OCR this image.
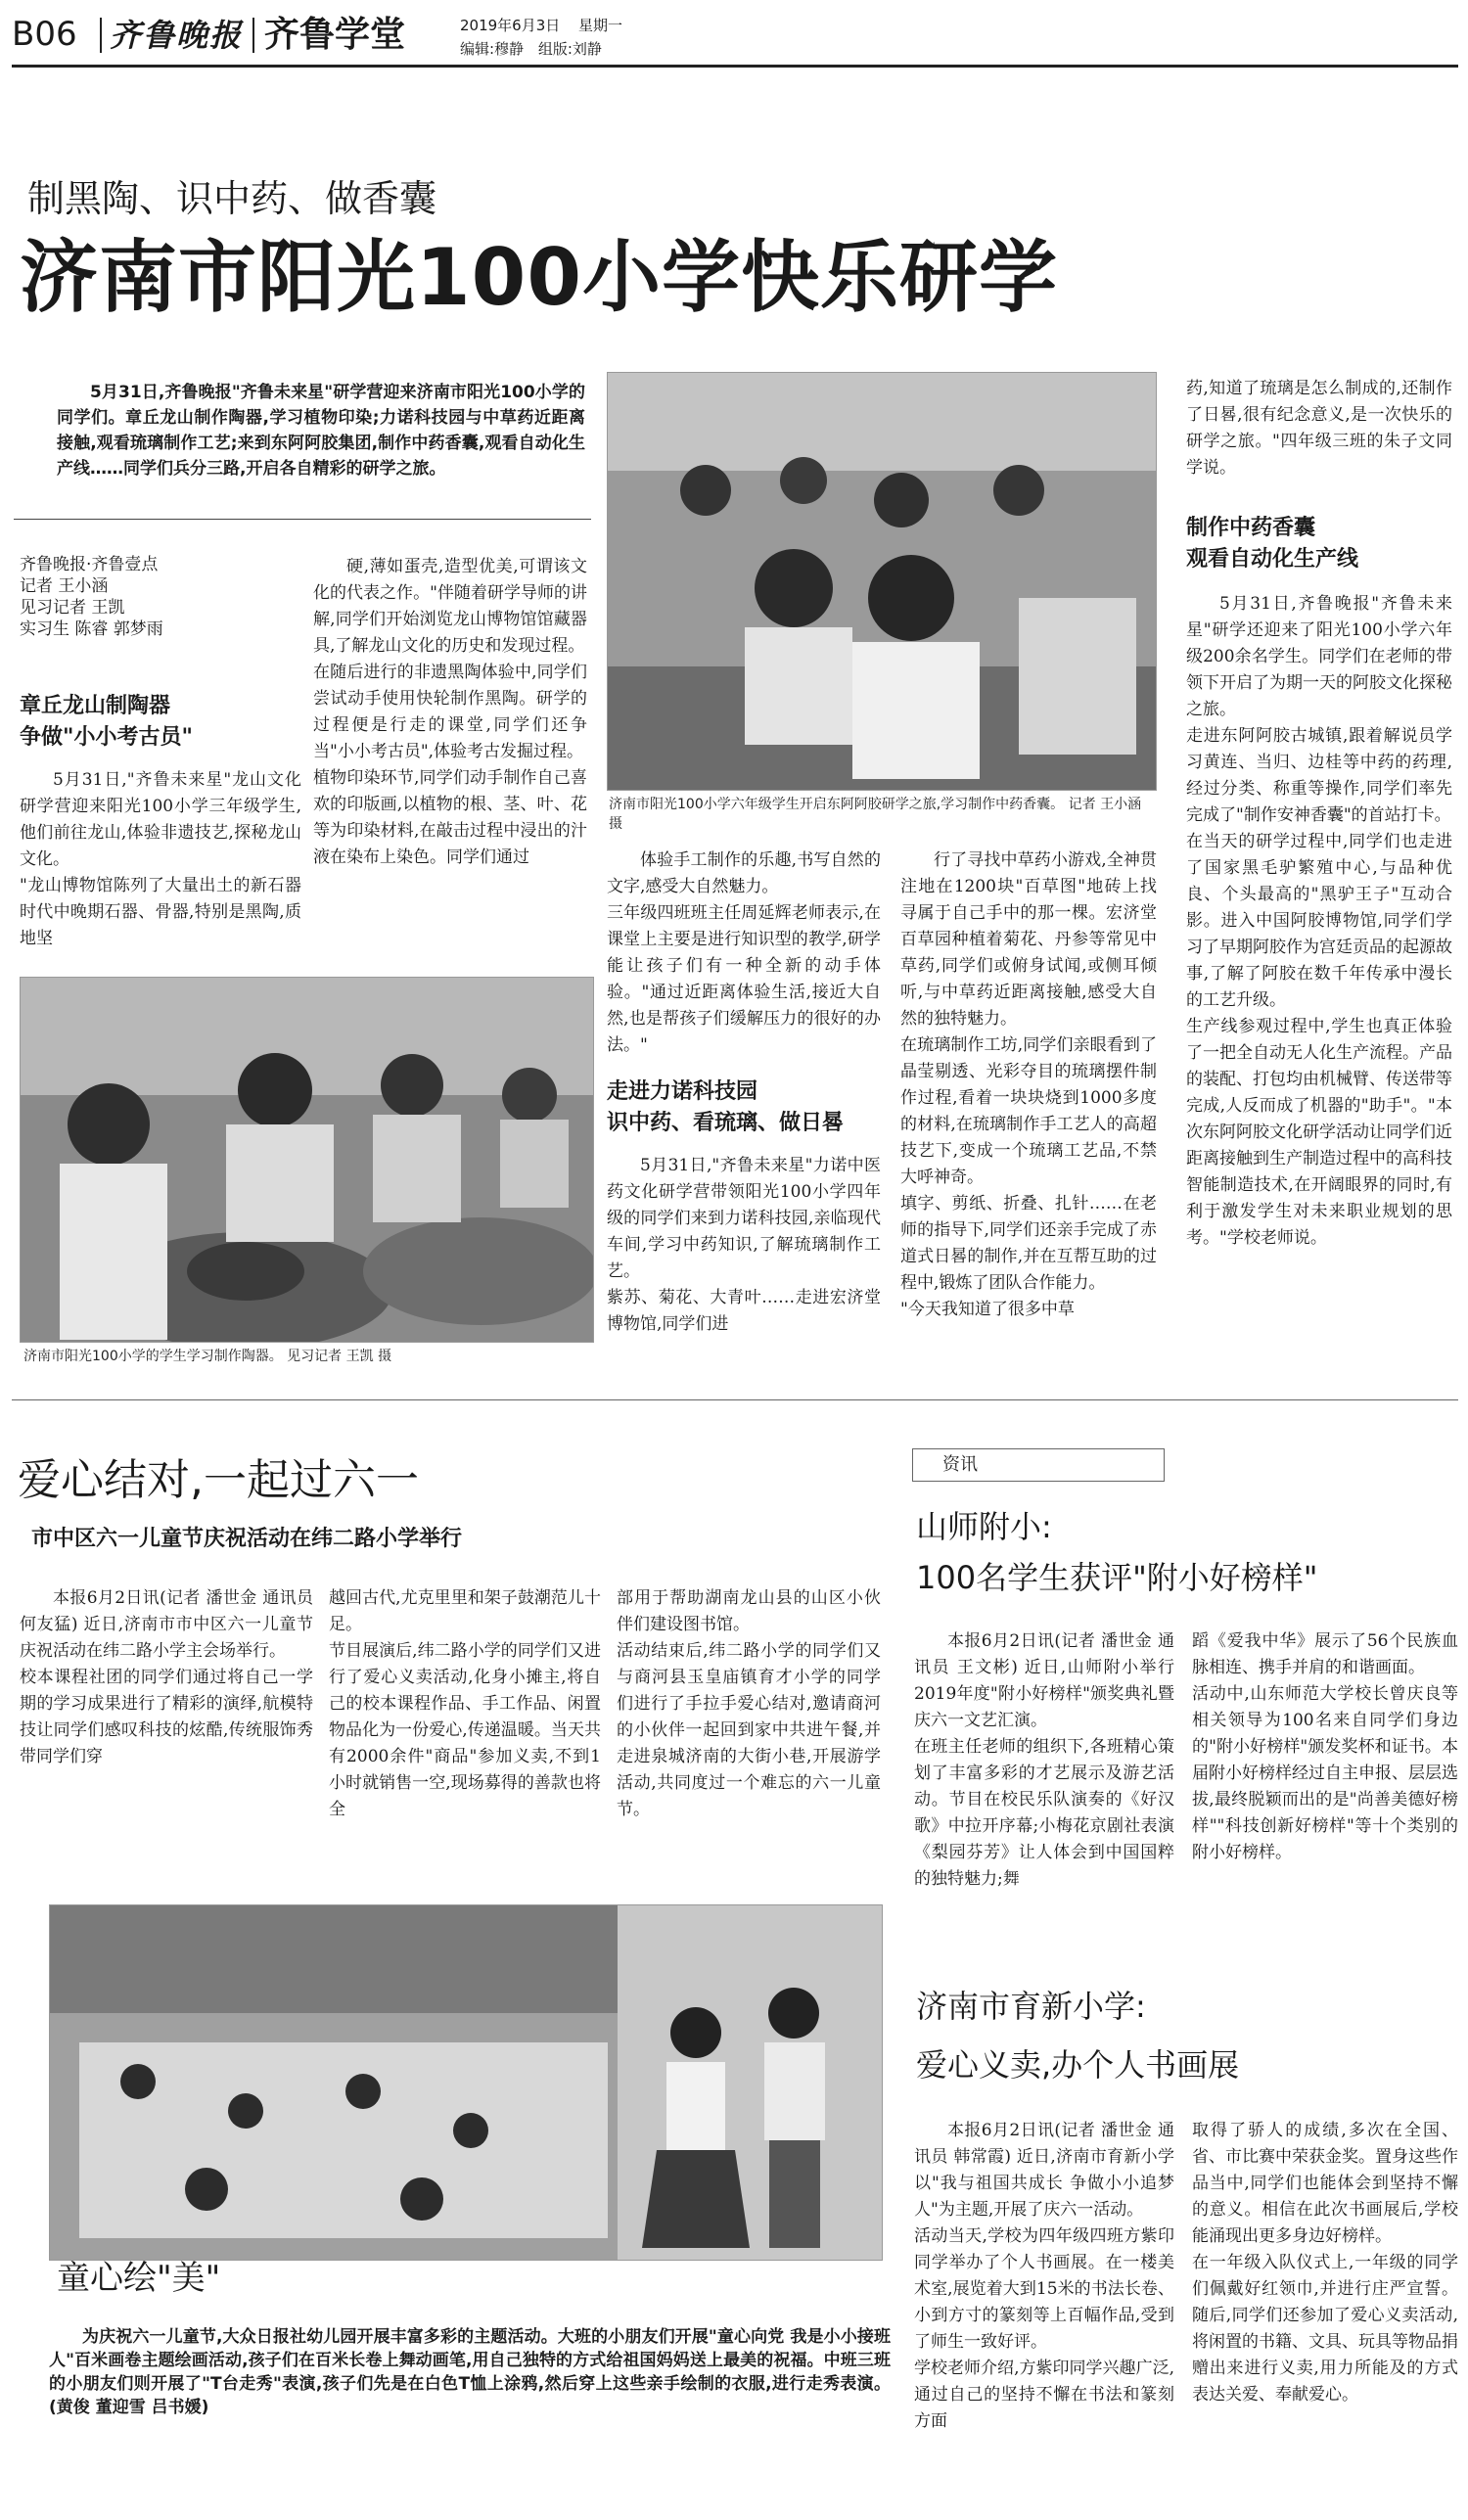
B06 齐鲁晚报 齐鲁学堂	2019年6月3日 星期一
编辑:穆静 组版:刘静
制黑陶、识中药、做香囊
济南市阳光100小学快乐研学
5月31日,齐鲁晚报"齐鲁未来星"研学营迎来济南市阳光100小学的同学们。章丘龙山制作陶器,学习植物印染;力诺科技园与中草药近距离接触,观看琉璃制作工艺;来到东阿阿胶集团,制作中药香囊,观看自动化生产线……同学们兵分三路,开启各自精彩的研学之旅。
齐鲁晚报·齐鲁壹点
记者 王小涵
见习记者 王凯
实习生 陈睿 郭梦雨
章丘龙山制陶器
争做"小小考古员"
5月31日,"齐鲁未来星"龙山文化研学营迎来阳光100小学三年级学生,他们前往龙山,体验非遗技艺,探秘龙山文化。
"龙山博物馆陈列了大量出土的新石器时代中晚期石器、骨器,特别是黑陶,质地坚
硬,薄如蛋壳,造型优美,可谓该文化的代表之作。"伴随着研学导师的讲解,同学们开始浏览龙山博物馆馆藏器具,了解龙山文化的历史和发现过程。
在随后进行的非遗黑陶体验中,同学们尝试动手使用快轮制作黑陶。研学的过程便是行走的课堂,同学们还争当"小小考古员",体验考古发掘过程。
植物印染环节,同学们动手制作自己喜欢的印版画,以植物的根、茎、叶、花等为印染材料,在敲击过程中浸出的汁液在染布上染色。同学们通过
济南市阳光100小学的学生学习制作陶器。 见习记者 王凯 摄
济南市阳光100小学六年级学生开启东阿阿胶研学之旅,学习制作中药香囊。 记者 王小涵 摄
体验手工制作的乐趣,书写自然的文字,感受大自然魅力。
三年级四班班主任周延辉老师表示,在课堂上主要是进行知识型的教学,研学能让孩子们有一种全新的动手体验。"通过近距离体验生活,接近大自然,也是帮孩子们缓解压力的很好的办法。"
走进力诺科技园
识中药、看琉璃、做日晷
5月31日,"齐鲁未来星"力诺中医药文化研学营带领阳光100小学四年级的同学们来到力诺科技园,亲临现代车间,学习中药知识,了解琉璃制作工艺。
紫苏、菊花、大青叶……走进宏济堂博物馆,同学们进
行了寻找中草药小游戏,全神贯注地在1200块"百草图"地砖上找寻属于自己手中的那一棵。宏济堂百草园种植着菊花、丹参等常见中草药,同学们或俯身试闻,或侧耳倾听,与中草药近距离接触,感受大自然的独特魅力。
在琉璃制作工坊,同学们亲眼看到了晶莹剔透、光彩夺目的琉璃摆件制作过程,看着一块块烧到1000多度的材料,在琉璃制作手工艺人的高超技艺下,变成一个琉璃工艺品,不禁大呼神奇。
填字、剪纸、折叠、扎针……在老师的指导下,同学们还亲手完成了赤道式日晷的制作,并在互帮互助的过程中,锻炼了团队合作能力。
"今天我知道了很多中草
药,知道了琉璃是怎么制成的,还制作了日晷,很有纪念意义,是一次快乐的研学之旅。"四年级三班的朱子文同学说。
制作中药香囊
观看自动化生产线
5月31日,齐鲁晚报"齐鲁未来星"研学还迎来了阳光100小学六年级200余名学生。同学们在老师的带领下开启了为期一天的阿胶文化探秘之旅。
走进东阿阿胶古城镇,跟着解说员学习黄连、当归、边桂等中药的药理,经过分类、称重等操作,同学们率先完成了"制作安神香囊"的首站打卡。
在当天的研学过程中,同学们也走进了国家黑毛驴繁殖中心,与品种优良、个头最高的"黑驴王子"互动合影。进入中国阿胶博物馆,同学们学习了早期阿胶作为宫廷贡品的起源故事,了解了阿胶在数千年传承中漫长的工艺升级。
生产线参观过程中,学生也真正体验了一把全自动无人化生产流程。产品的装配、打包均由机械臂、传送带等完成,人反而成了机器的"助手"。"本次东阿阿胶文化研学活动让同学们近距离接触到生产制造过程中的高科技智能制造技术,在开阔眼界的同时,有利于激发学生对未来职业规划的思考。"学校老师说。
爱心结对,一起过六一
市中区六一儿童节庆祝活动在纬二路小学举行
本报6月2日讯(记者 潘世金 通讯员 何友猛) 近日,济南市市中区六一儿童节庆祝活动在纬二路小学主会场举行。
校本课程社团的同学们通过将自己一学期的学习成果进行了精彩的演绎,航模特技让同学们感叹科技的炫酷,传统服饰秀带同学们穿
越回古代,尤克里里和架子鼓潮范儿十足。
节目展演后,纬二路小学的同学们又进行了爱心义卖活动,化身小摊主,将自己的校本课程作品、手工作品、闲置物品化为一份爱心,传递温暖。当天共有2000余件"商品"参加义卖,不到1小时就销售一空,现场募得的善款也将全
部用于帮助湖南龙山县的山区小伙伴们建设图书馆。
活动结束后,纬二路小学的同学们又与商河县玉皇庙镇育才小学的同学们进行了手拉手爱心结对,邀请商河的小伙伴一起回到家中共进午餐,并走进泉城济南的大街小巷,开展游学活动,共同度过一个难忘的六一儿童节。
童心绘"美"
为庆祝六一儿童节,大众日报社幼儿园开展丰富多彩的主题活动。大班的小朋友们开展"童心向党 我是小小接班人"百米画卷主题绘画活动,孩子们在百米长卷上舞动画笔,用自己独特的方式给祖国妈妈送上最美的祝福。中班三班的小朋友们则开展了"T台走秀"表演,孩子们先是在白色T恤上涂鸦,然后穿上这些亲手绘制的衣服,进行走秀表演。(黄俊 董迎雪 吕书媛)
资讯
山师附小:
100名学生获评"附小好榜样"
本报6月2日讯(记者 潘世金 通讯员 王文彬) 近日,山师附小举行2019年度"附小好榜样"颁奖典礼暨庆六一文艺汇演。
在班主任老师的组织下,各班精心策划了丰富多彩的才艺展示及游艺活动。节目在校民乐队演奏的《好汉歌》中拉开序幕;小梅花京剧社表演《梨园芬芳》让人体会到中国国粹的独特魅力;舞
蹈《爱我中华》展示了56个民族血脉相连、携手并肩的和谐画面。
活动中,山东师范大学校长曾庆良等相关领导为100名来自同学们身边的"附小好榜样"颁发奖杯和证书。本届附小好榜样经过自主申报、层层选拔,最终脱颖而出的是"尚善美德好榜样""科技创新好榜样"等十个类别的附小好榜样。
济南市育新小学:
爱心义卖,办个人书画展
本报6月2日讯(记者 潘世金 通讯员 韩常霞) 近日,济南市育新小学以"我与祖国共成长 争做小小追梦人"为主题,开展了庆六一活动。
活动当天,学校为四年级四班方紫印同学举办了个人书画展。在一楼美术室,展览着大到15米的书法长卷、小到方寸的篆刻等上百幅作品,受到了师生一致好评。
学校老师介绍,方紫印同学兴趣广泛,通过自己的坚持不懈在书法和篆刻方面
取得了骄人的成绩,多次在全国、省、市比赛中荣获金奖。置身这些作品当中,同学们也能体会到坚持不懈的意义。相信在此次书画展后,学校能涌现出更多身边好榜样。
在一年级入队仪式上,一年级的同学们佩戴好红领巾,并进行庄严宣誓。随后,同学们还参加了爱心义卖活动,将闲置的书籍、文具、玩具等物品捐赠出来进行义卖,用力所能及的方式表达关爱、奉献爱心。
